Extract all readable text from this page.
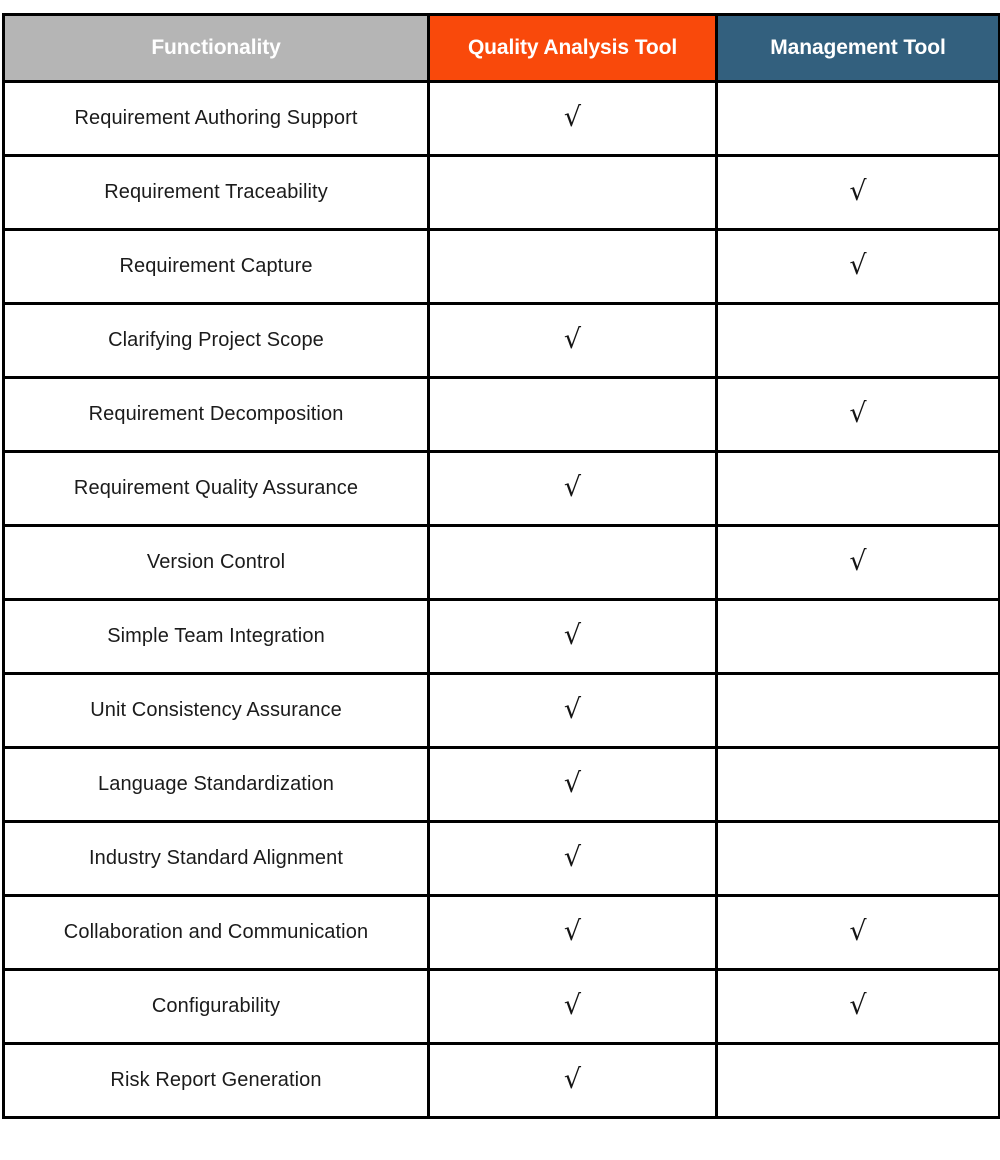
Functionality	Quality Analysis Tool	Management Tool
Requirement Authoring Support	√	
Requirement Traceability		√
Requirement Capture		√
Clarifying Project Scope	√	
Requirement Decomposition		√
Requirement Quality Assurance	√	
Version Control		√
Simple Team Integration	√	
Unit Consistency Assurance	√	
Language Standardization	√	
Industry Standard Alignment	√	
Collaboration and Communication	√	√
Configurability	√	√
Risk Report Generation	√	
